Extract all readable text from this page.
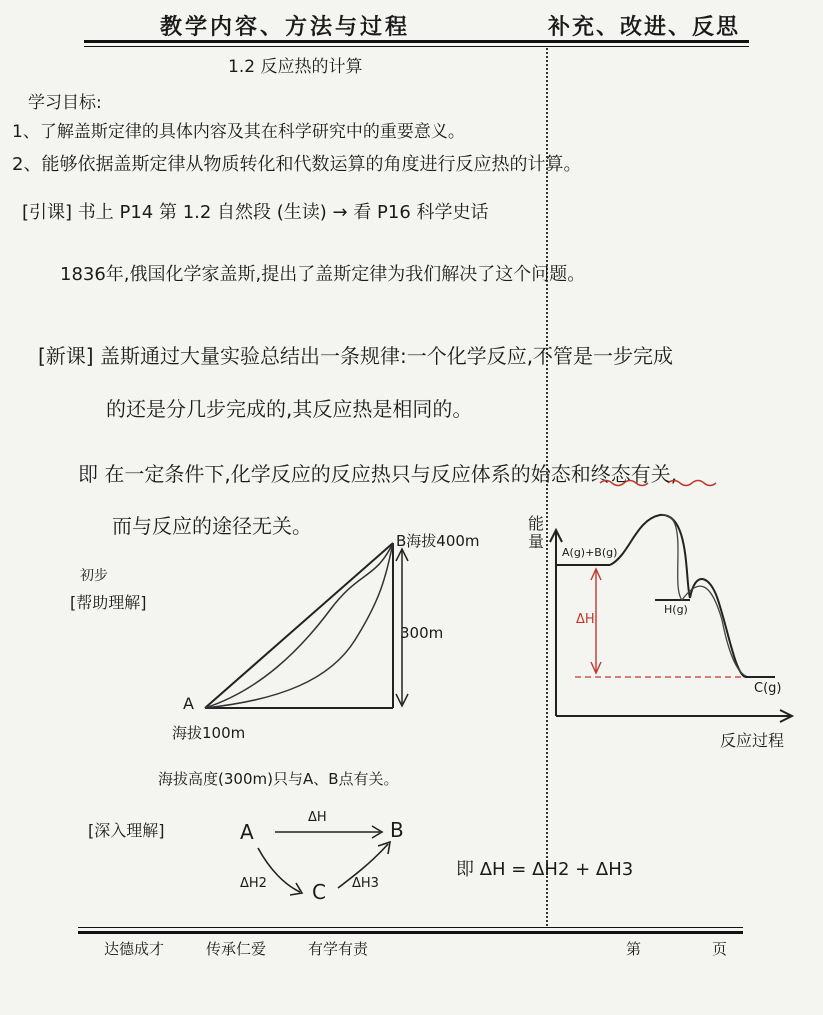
教学内容、方法与过程	补充、改进、反思
1.2 反应热的计算
学习目标:
1、了解盖斯定律的具体内容及其在科学研究中的重要意义。
2、能够依据盖斯定律从物质转化和代数运算的角度进行反应热的计算。
[引课] 书上 P14 第 1.2 自然段 (生读) → 看 P16 科学史话
1836年,俄国化学家盖斯,提出了盖斯定律为我们解决了这个问题。
[新课] 盖斯通过大量实验总结出一条规律:一个化学反应,不管是一步完成
的还是分几步完成的,其反应热是相同的。
即 在一定条件下,化学反应的反应热只与反应体系的始态和终态有关,
而与反应的途径无关。
初步
[帮助理解]
海拔高度(300m)只与A、B点有关。
[深入理解]
即 ΔH = ΔH2 + ΔH3
B海拔400m
A
海拔100m
300m
能量
A(g)+B(g)
H(g)
C(g)
ΔH
反应过程
A	B
C
ΔH
ΔH2	ΔH3
达德成才	传承仁爱	有学有责	第	页
